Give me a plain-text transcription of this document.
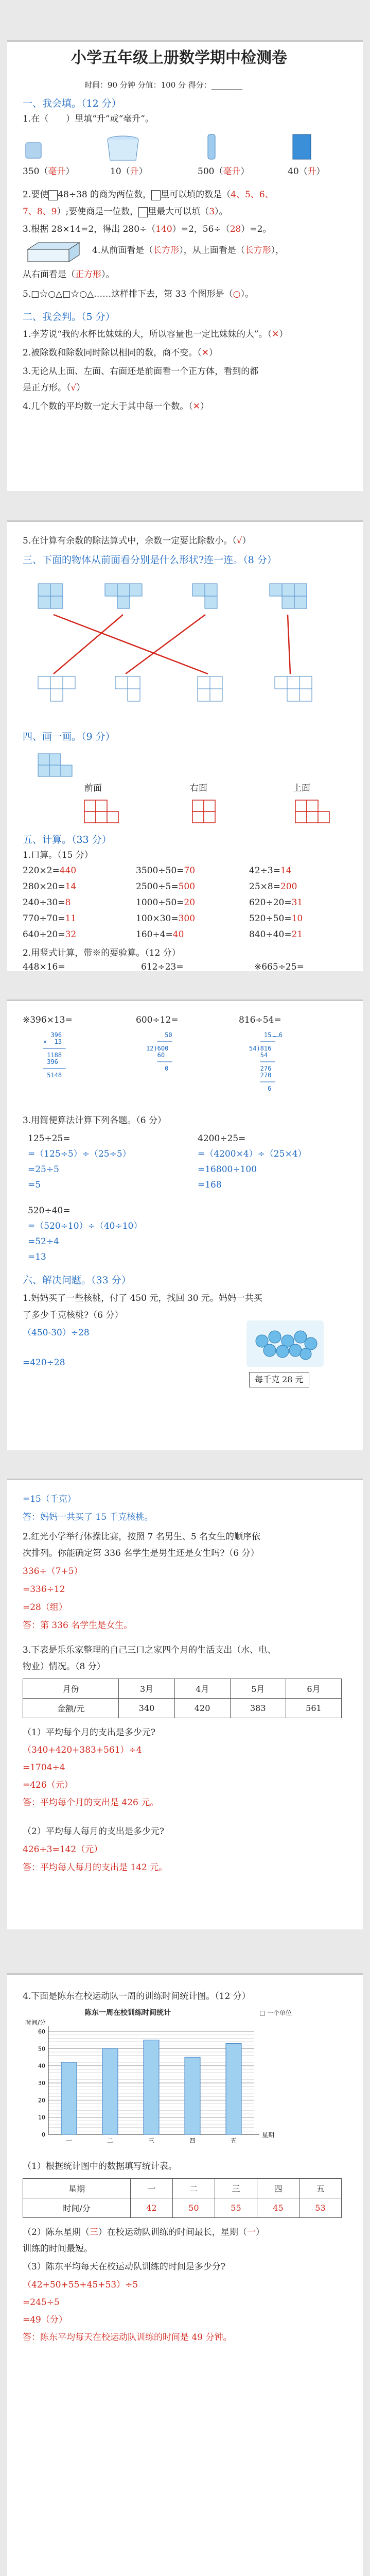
小学五年级上册数学期中检测卷
时间：90 分钟 分值：100 分 得分：________
一、我会填。（12 分）
1.在（　　）里填“升”或“毫升”。
350（毫升）	10（升）	500（毫升）	40（升）
2.要使 48÷38 的商为两位数， 里可以填的数是（4、5、6、
7、8、9）;要使商是一位数， 里最大可以填（3）。
3.根据 28×14=2，得出 280÷（140）=2，56÷（28）=2。
4.从前面看是（长方形），从上面看是（长方形），
从右面看是（正方形）。
5.□☆○△□☆○△……这样排下去，第 33 个图形是（○）。
二、我会判。（5 分）
1.李芳说“我的水杯比妹妹的大，所以容量也一定比妹妹的大”。（✕）
2.被除数和除数同时除以相同的数，商不变。（✕）
3.无论从上面、左面、右面还是前面看一个正方体，看到的都
是正方形。（√）
4.几个数的平均数一定大于其中每一个数。（✕）
5.在计算有余数的除法算式中，余数一定要比除数小。（√）
三、下面的物体从前面看分别是什么形状?连一连。（8 分）
四、画一画。（9 分）
前面	右面	上面
五、计算。（33 分）
1.口算。（15 分）
220×2=440	3500÷50=70	42÷3=14
280×20=14	2500÷5=500	25×8=200
240÷30=8	1000÷50=20	620÷20=31
770÷70=11	100×30=300	520÷50=10
640÷20=32	160÷4=40	840÷40=21
2.用竖式计算，带※的要验算。（12 分）
448×16=	612÷23=	※665÷25=
※396×13=	600÷12=	816÷54=
396
×  13
──────
1188
396
──────
5148
50
────
12)600
60
────
0
15……6
────
54)816
54
────
276
270
────
6
3.用简便算法计算下列各题。（6 分）
125÷25=
=（125÷5）÷（25÷5）
=25÷5
=5
4200÷25=
=（4200×4）÷（25×4）
=16800÷100
=168
520÷40=
=（520÷10）÷（40÷10）
=52÷4
=13
六、解决问题。（33 分）
1.妈妈买了一些核桃，付了 450 元，找回 30 元。妈妈一共买
了多少千克核桃?（6 分）
（450-30）÷28
=420÷28
每千克 28 元
=15（千克）
答：妈妈一共买了 15 千克核桃。
2.红光小学举行体操比赛，按照 7 名男生、5 名女生的顺序依
次排列。你能确定第 336 名学生是男生还是女生吗?（6 分）
336÷（7+5）
=336÷12
=28（组）
答：第 336 名学生是女生。
3.下表是乐乐家整理的自己三口之家四个月的生活支出（水、电、
物业）情况。（8 分）
月份	3月	4月	5月	6月
金额/元	340	420	383	561
（1）平均每个月的支出是多少元?
（340+420+383+561）÷4
=1704÷4
=426（元）
答：平均每个月的支出是 426 元。
（2）平均每人每月的支出是多少元?
426÷3=142（元）
答：平均每人每月的支出是 142 元。
4.下面是陈东在校运动队一周的训练时间统计图。（12 分）
陈东一周在校训练时间统计	□ 一个单位
0
10
20
30
40
50
60
时间/分
星期
一	二	三	四	五
（1）根据统计图中的数据填写统计表。
星期	一	二	三	四	五
时间/分	42	50	55	45	53
（2）陈东星期（三）在校运动队训练的时间最长，星期（一）
训练的时间最短。
（3）陈东平均每天在校运动队训练的时间是多少分?
（42+50+55+45+53）÷5
=245÷5
=49（分）
答：陈东平均每天在校运动队训练的时间是 49 分钟。
